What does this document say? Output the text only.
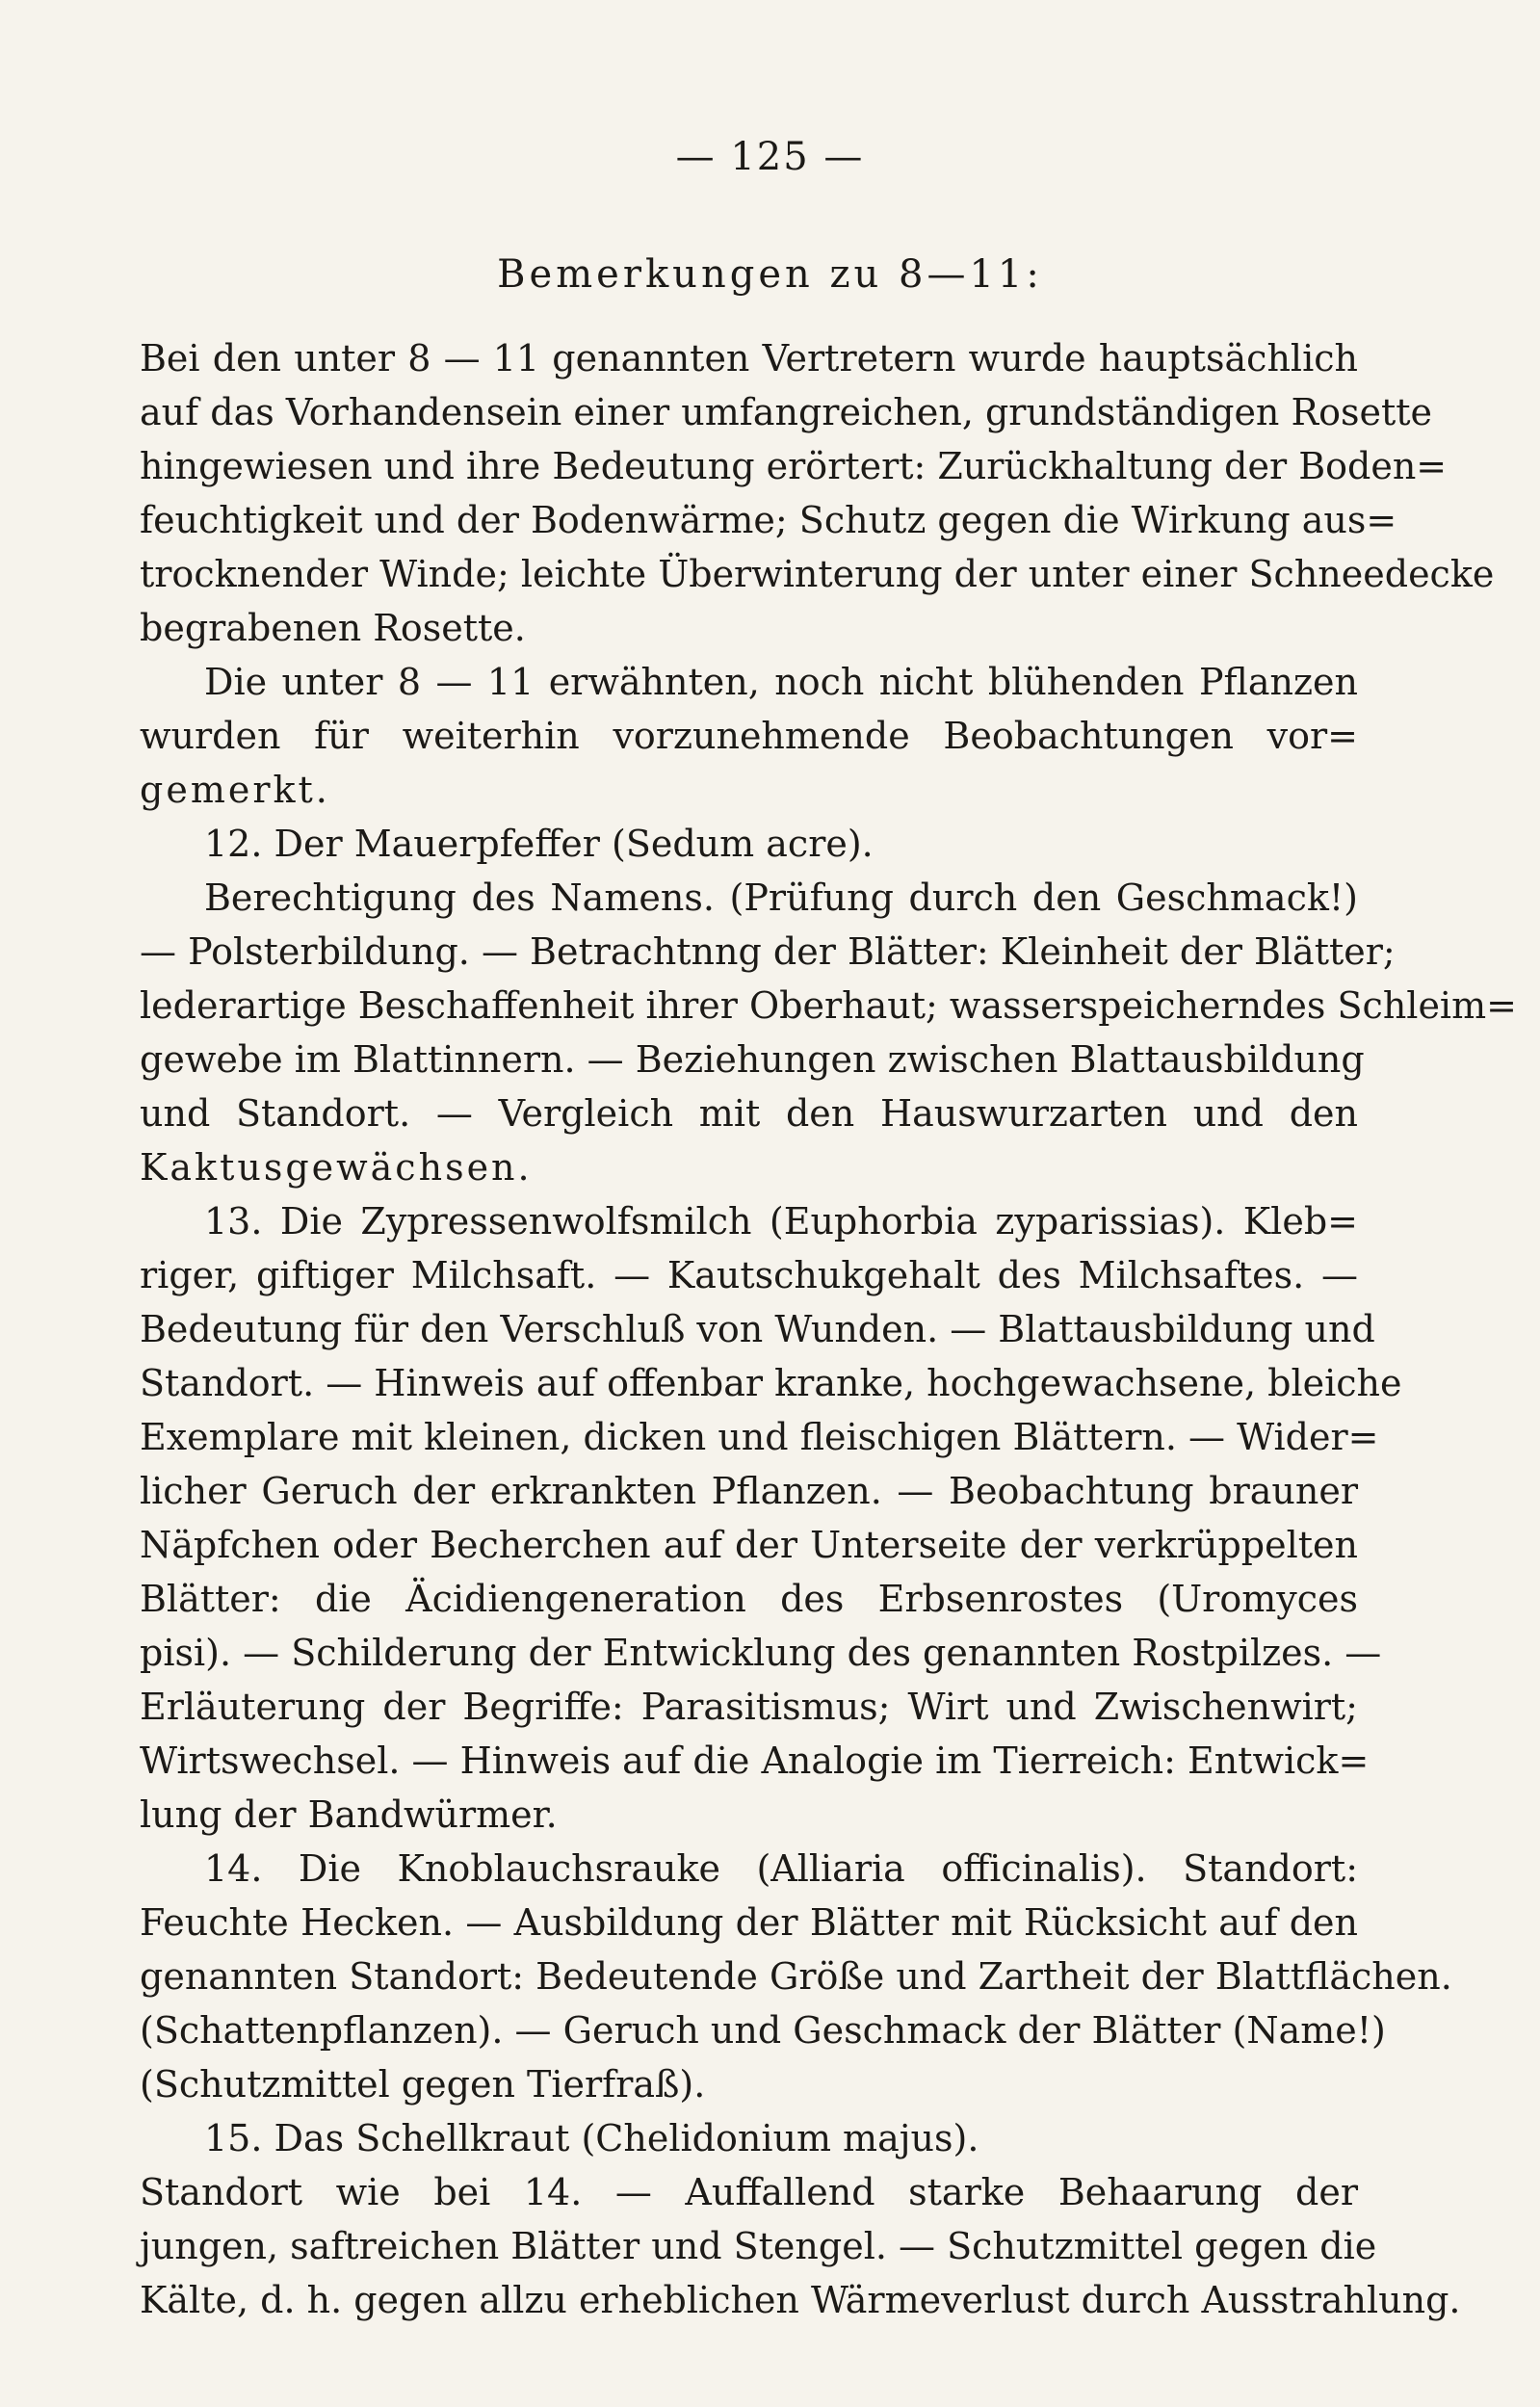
— 125 —
Bemerkungen zu 8—11:
Bei den unter 8 — 11 genannten Vertretern wurde hauptsächlich
auf das Vorhandensein einer umfangreichen, grundständigen Rosette
hingewiesen und ihre Bedeutung erörtert: Zurückhaltung der Boden=
feuchtigkeit und der Bodenwärme; Schutz gegen die Wirkung aus=
trocknender Winde; leichte Überwinterung der unter einer Schneedecke
begrabenen Rosette.
Die unter 8 — 11 erwähnten, noch nicht blühenden Pflanzen
wurden für weiterhin vorzunehmende Beobachtungen vor=
gemerkt.
12. Der Mauerpfeffer (Sedum acre).
Berechtigung des Namens. (Prüfung durch den Geschmack!)
— Polsterbildung. — Betrachtnng der Blätter: Kleinheit der Blätter;
lederartige Beschaffenheit ihrer Oberhaut; wasserspeicherndes Schleim=
gewebe im Blattinnern. — Beziehungen zwischen Blattausbildung
und Standort. — Vergleich mit den Hauswurzarten und den
Kaktusgewächsen.
13. Die Zypressenwolfsmilch (Euphorbia zyparissias). Kleb=
riger, giftiger Milchsaft. — Kautschukgehalt des Milchsaftes. —
Bedeutung für den Verschluß von Wunden. — Blattausbildung und
Standort. — Hinweis auf offenbar kranke, hochgewachsene, bleiche
Exemplare mit kleinen, dicken und fleischigen Blättern. — Wider=
licher Geruch der erkrankten Pflanzen. — Beobachtung brauner
Näpfchen oder Becherchen auf der Unterseite der verkrüppelten
Blätter: die Äcidiengeneration des Erbsenrostes (Uromyces
pisi). — Schilderung der Entwicklung des genannten Rostpilzes. —
Erläuterung der Begriffe: Parasitismus; Wirt und Zwischenwirt;
Wirtswechsel. — Hinweis auf die Analogie im Tierreich: Entwick=
lung der Bandwürmer.
14. Die Knoblauchsrauke (Alliaria officinalis). Standort:
Feuchte Hecken. — Ausbildung der Blätter mit Rücksicht auf den
genannten Standort: Bedeutende Größe und Zartheit der Blattflächen.
(Schattenpflanzen). — Geruch und Geschmack der Blätter (Name!)
(Schutzmittel gegen Tierfraß).
15. Das Schellkraut (Chelidonium majus).
Standort wie bei 14. — Auffallend starke Behaarung der
jungen, saftreichen Blätter und Stengel. — Schutzmittel gegen die
Kälte, d. h. gegen allzu erheblichen Wärmeverlust durch Ausstrahlung.
